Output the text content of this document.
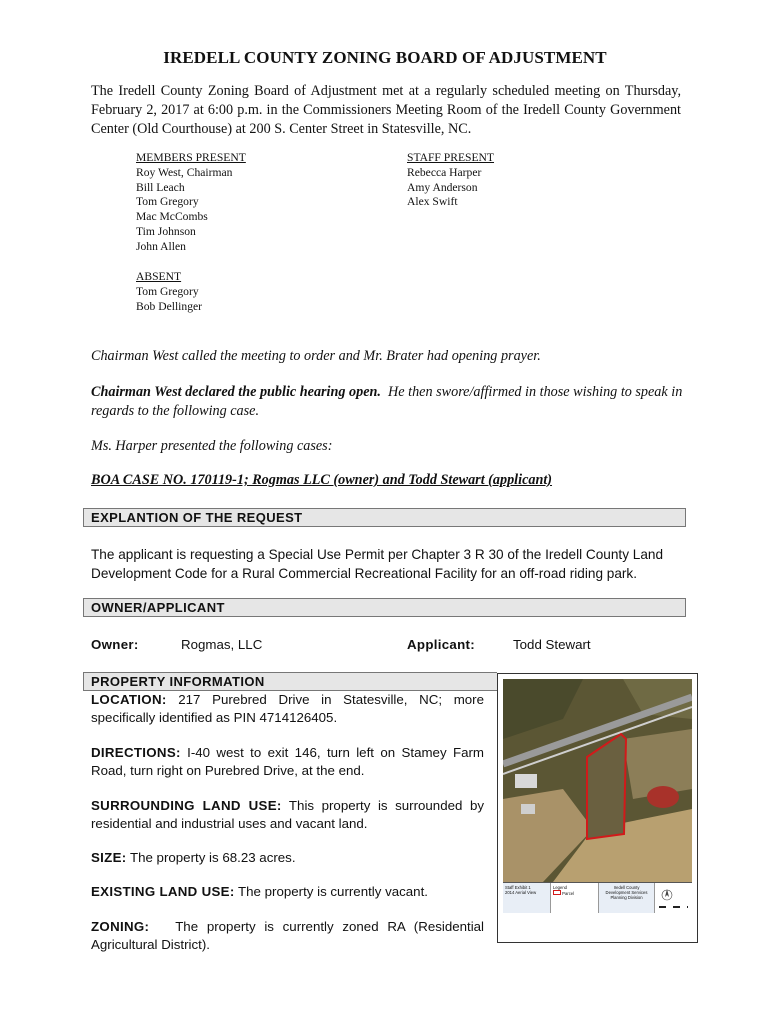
IREDELL COUNTY ZONING BOARD OF ADJUSTMENT
The Iredell County Zoning Board of Adjustment met at a regularly scheduled meeting on Thursday, February 2, 2017 at 6:00 p.m. in the Commissioners Meeting Room of the Iredell County Government Center (Old Courthouse) at 200 S. Center Street in Statesville, NC.
MEMBERS PRESENT
Roy West, Chairman
Bill Leach
Tom Gregory
Mac McCombs
Tim Johnson
John Allen
STAFF PRESENT
Rebecca Harper
Amy Anderson
Alex Swift
ABSENT
Tom Gregory
Bob Dellinger
Chairman West called the meeting to order and Mr. Brater had opening prayer.
Chairman West declared the public hearing open. He then swore/affirmed in those wishing to speak in regards to the following case.
Ms. Harper presented the following cases:
BOA CASE NO. 170119-1; Rogmas LLC (owner) and Todd Stewart (applicant)
EXPLANTION OF THE REQUEST
The applicant is requesting a Special Use Permit per Chapter 3 R 30 of the Iredell County Land Development Code for a Rural Commercial Recreational Facility for an off-road riding park.
OWNER/APPLICANT
Owner:	Rogmas, LLC	Applicant:	Todd Stewart
PROPERTY INFORMATION
LOCATION: 217 Purebred Drive in Statesville, NC; more specifically identified as PIN 4714126405.
DIRECTIONS: I-40 west to exit 146, turn left on Stamey Farm Road, turn right on Purebred Drive, at the end.
SURROUNDING LAND USE: This property is surrounded by residential and industrial uses and vacant land.
SIZE: The property is 68.23 acres.
EXISTING LAND USE: The property is currently vacant.
ZONING: The property is currently zoned RA (Residential Agricultural District).
Staff Exhibit 1
2014 Aerial View
Legend
Parcel
Iredell County
Development Services
Planning Division
